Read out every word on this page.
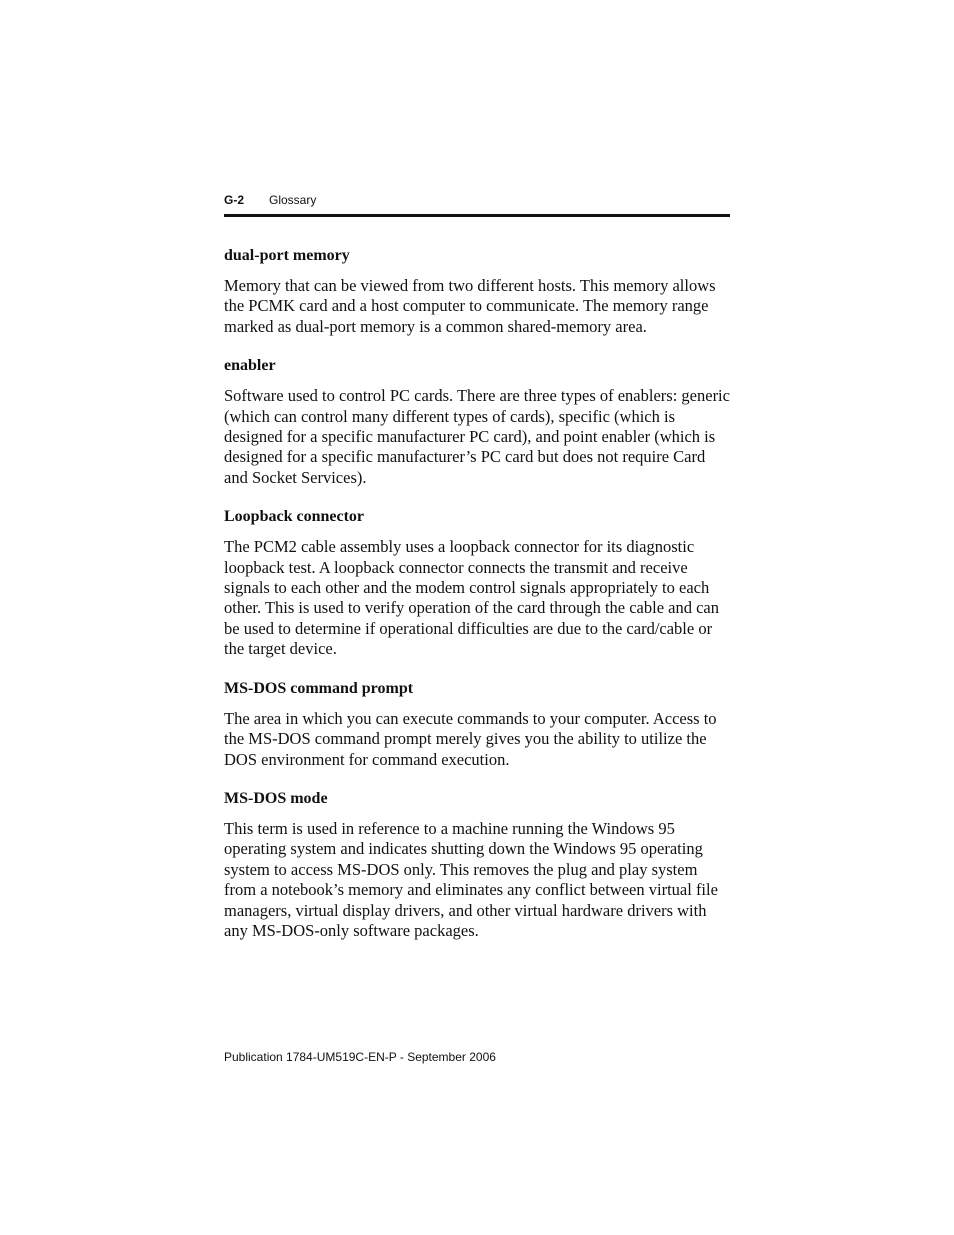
G-2 Glossary
dual-port memory
Memory that can be viewed from two different hosts. This memory allows the PCMK card and a host computer to communicate. The memory range marked as dual-port memory is a common shared-memory area.
enabler
Software used to control PC cards. There are three types of enablers: generic (which can control many different types of cards), specific (which is designed for a specific manufacturer PC card), and point enabler (which is designed for a specific manufacturer’s PC card but does not require Card and Socket Services).
Loopback connector
The PCM2 cable assembly uses a loopback connector for its diagnostic loopback test. A loopback connector connects the transmit and receive signals to each other and the modem control signals appropriately to each other. This is used to verify operation of the card through the cable and can be used to determine if operational difficulties are due to the card/cable or the target device.
MS-DOS command prompt
The area in which you can execute commands to your computer. Access to the MS-DOS command prompt merely gives you the ability to utilize the DOS environment for command execution.
MS-DOS mode
This term is used in reference to a machine running the Windows 95 operating system and indicates shutting down the Windows 95 operating system to access MS-DOS only. This removes the plug and play system from a notebook’s memory and eliminates any conflict between virtual file managers, virtual display drivers, and other virtual hardware drivers with any MS-DOS-only software packages.
Publication 1784-UM519C-EN-P - September 2006
